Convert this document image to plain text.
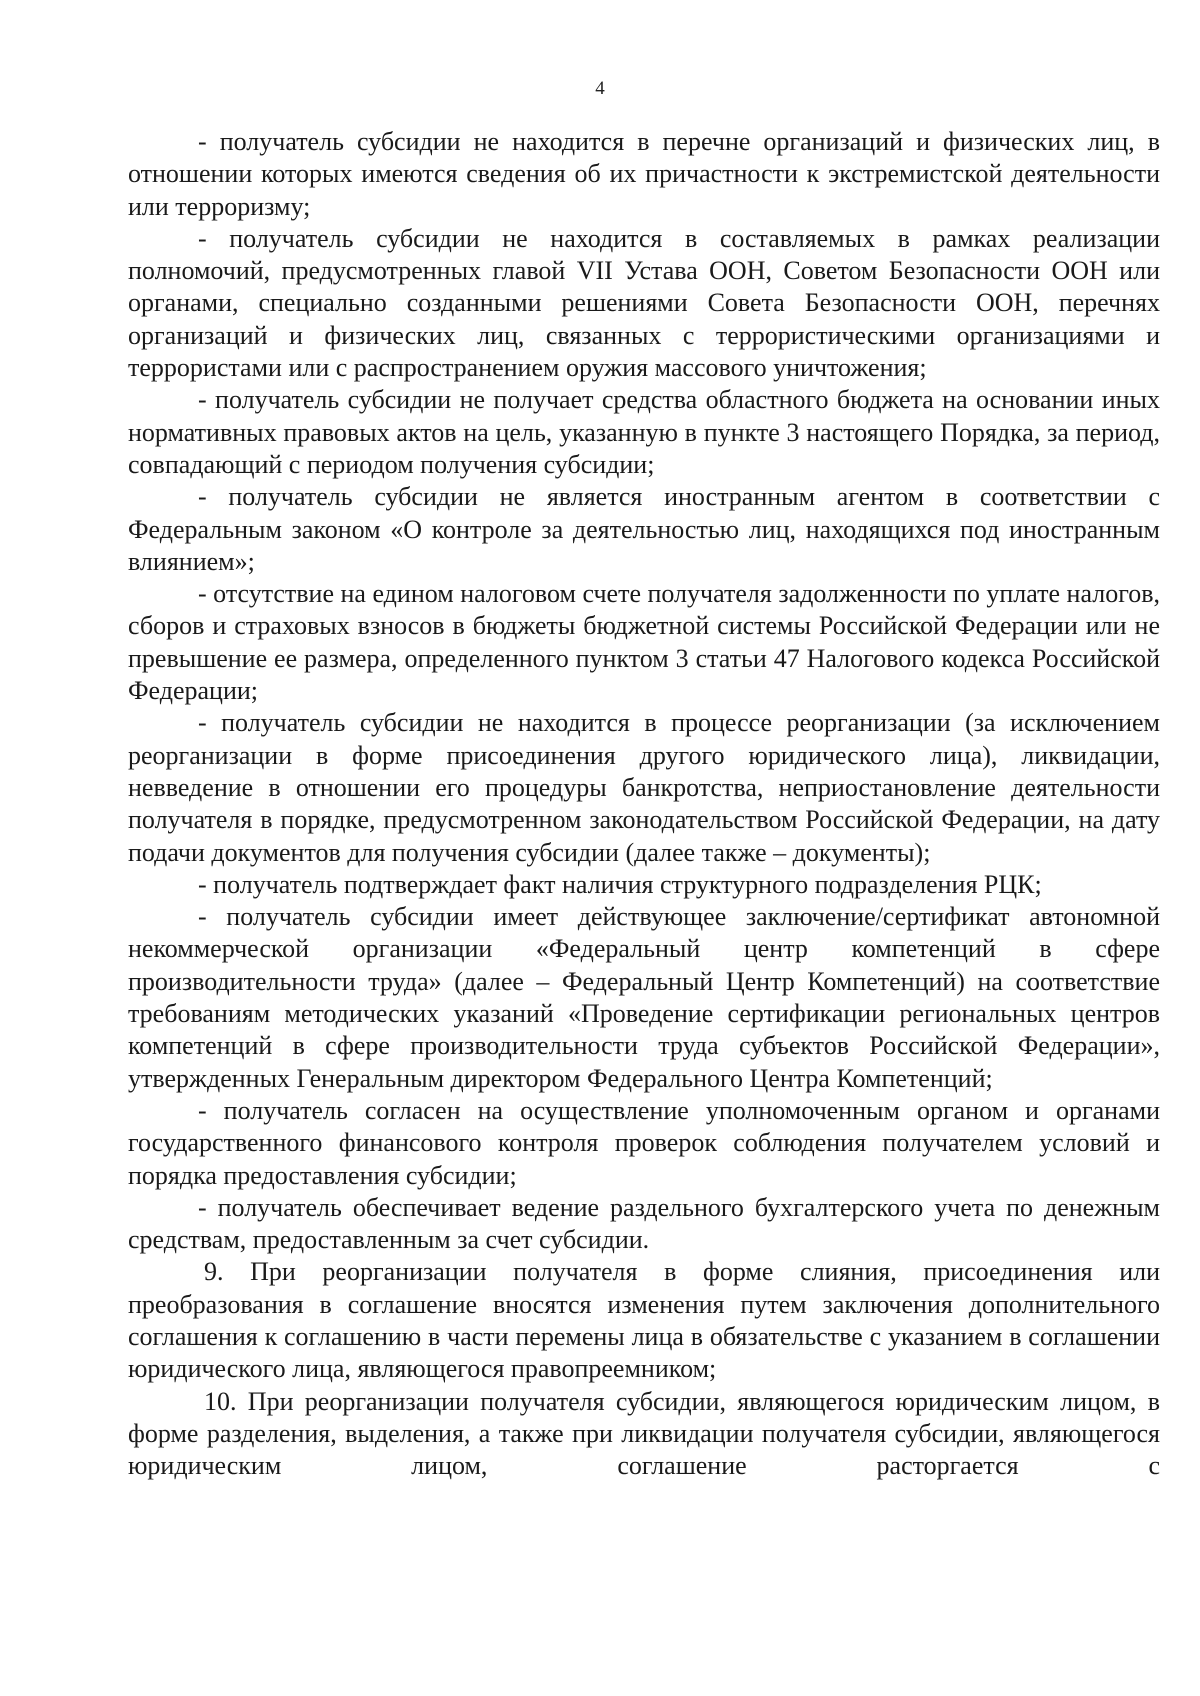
4

- получатель субсидии не находится в перечне организаций и физических лиц, в отношении которых имеются сведения об их причастности к экстремистской деятельности или терроризму;

- получатель субсидии не находится в составляемых в рамках реализации полномочий, предусмотренных главой VII Устава ООН, Советом Безопасности ООН или органами, специально созданными решениями Совета Безопасности ООН, перечнях организаций и физических лиц, связанных с террористическими организациями и террористами или с распространением оружия массового уничтожения;

- получатель субсидии не получает средства областного бюджета на основании иных нормативных правовых актов на цель, указанную в пункте 3 настоящего Порядка, за период, совпадающий с периодом получения субсидии;

- получатель субсидии не является иностранным агентом в соответствии с Федеральным законом «О контроле за деятельностью лиц, находящихся под иностранным влиянием»;

- отсутствие на едином налоговом счете получателя задолженности по уплате налогов, сборов и страховых взносов в бюджеты бюджетной системы Российской Федерации или не превышение ее размера, определенного пунктом 3 статьи 47 Налогового кодекса Российской Федерации;

- получатель субсидии не находится в процессе реорганизации (за исключением реорганизации в форме присоединения другого юридического лица), ликвидации, невведение в отношении его процедуры банкротства, неприостановление деятельности получателя в порядке, предусмотренном законодательством Российской Федерации, на дату подачи документов для получения субсидии (далее также – документы);

- получатель подтверждает факт наличия структурного подразделения РЦК;

- получатель субсидии имеет действующее заключение/сертификат автономной некоммерческой организации «Федеральный центр компетенций в сфере производительности труда» (далее – Федеральный Центр Компетенций) на соответствие требованиям методических указаний «Проведение сертификации региональных центров компетенций в сфере производительности труда субъектов Российской Федерации», утвержденных Генеральным директором Федерального Центра Компетенций;

- получатель согласен на осуществление уполномоченным органом и органами государственного финансового контроля проверок соблюдения получателем условий и порядка предоставления субсидии;

- получатель обеспечивает ведение раздельного бухгалтерского учета по денежным средствам, предоставленным за счет субсидии.

9. При реорганизации получателя в форме слияния, присоединения или преобразования в соглашение вносятся изменения путем заключения дополнительного соглашения к соглашению в части перемены лица в обязательстве с указанием в соглашении юридического лица, являющегося правопреемником;

10. При реорганизации получателя субсидии, являющегося юридическим лицом, в форме разделения, выделения, а также при ликвидации получателя субсидии, являющегося юридическим лицом, соглашение расторгается с
